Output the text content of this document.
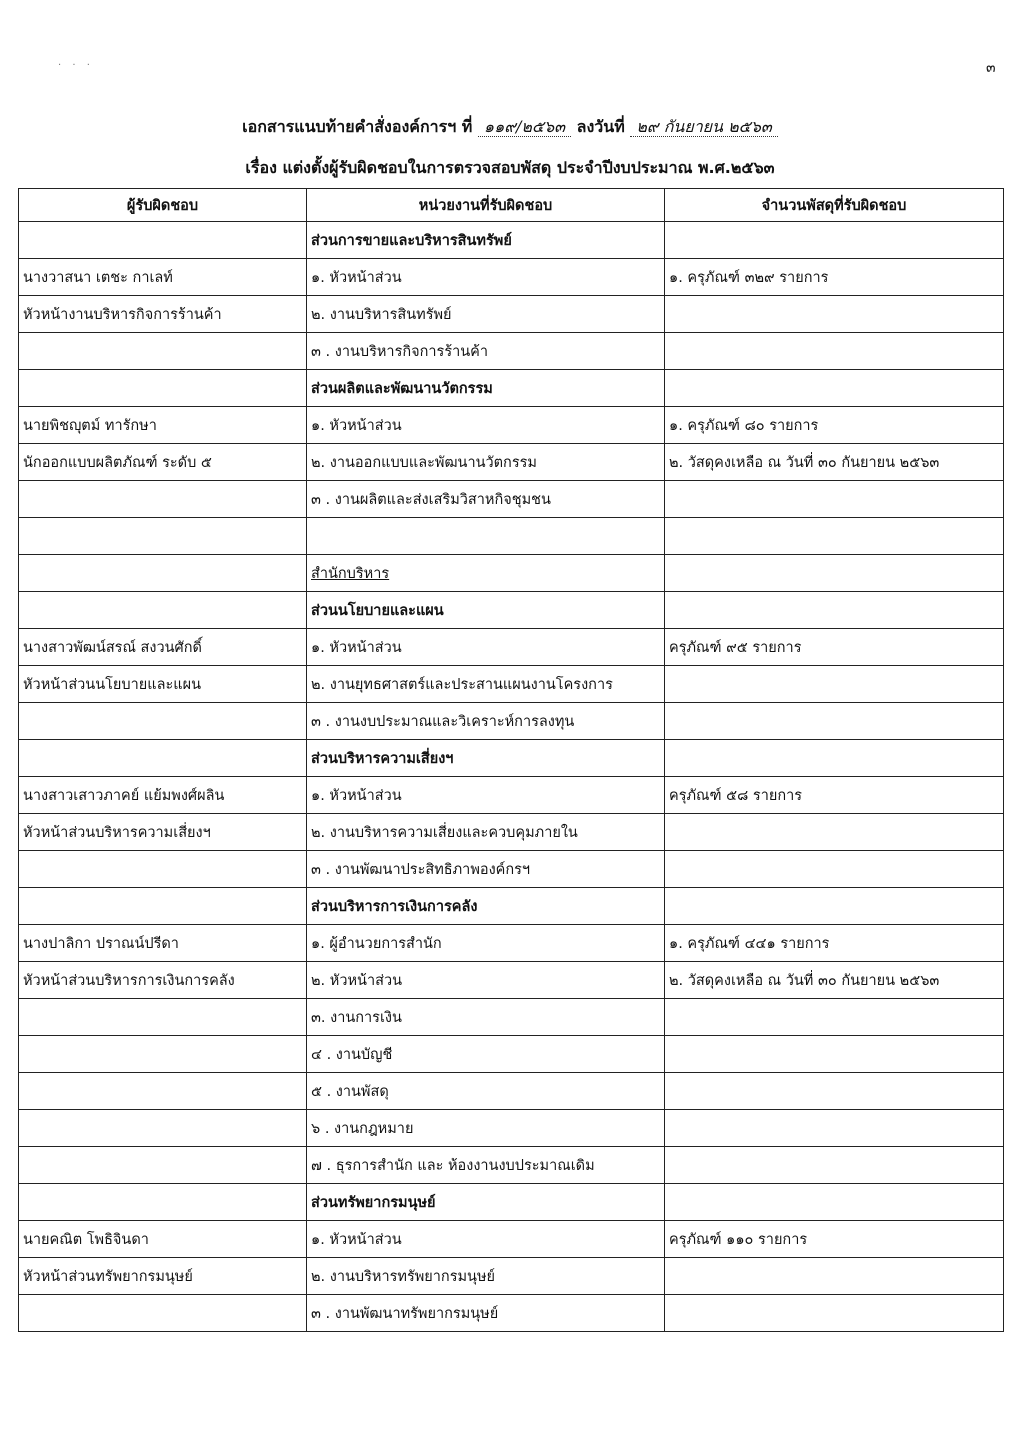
๓
· · ·
เอกสารแนบท้ายคำสั่งองค์การฯ ที่ ๑๑๙/๒๕๖๓ ลงวันที่ ๒๙ กันยายน ๒๕๖๓
เรื่อง แต่งตั้งผู้รับผิดชอบในการตรวจสอบพัสดุ ประจำปีงบประมาณ พ.ศ.๒๕๖๓
ผู้รับผิดชอบ	หน่วยงานที่รับผิดชอบ	จำนวนพัสดุที่รับผิดชอบ
	ส่วนการขายและบริหารสินทรัพย์	
นางวาสนา เตชะ กาเลท์	๑. หัวหน้าส่วน	๑. ครุภัณฑ์ ๓๒๙ รายการ
หัวหน้างานบริหารกิจการร้านค้า	๒. งานบริหารสินทรัพย์	
	๓ . งานบริหารกิจการร้านค้า	
	ส่วนผลิตและพัฒนานวัตกรรม	
นายพิชญุตม์ ทารักษา	๑. หัวหน้าส่วน	๑. ครุภัณฑ์ ๘๐ รายการ
นักออกแบบผลิตภัณฑ์ ระดับ ๕	๒. งานออกแบบและพัฒนานวัตกรรม	๒. วัสดุคงเหลือ ณ วันที่ ๓๐ กันยายน ๒๕๖๓
	๓ . งานผลิตและส่งเสริมวิสาหกิจชุมชน	

	สำนักบริหาร	
	ส่วนนโยบายและแผน	
นางสาวพัฒน์สรณ์ สงวนศักดิ์	๑. หัวหน้าส่วน	ครุภัณฑ์ ๙๕ รายการ
หัวหน้าส่วนนโยบายและแผน	๒. งานยุทธศาสตร์และประสานแผนงานโครงการ	
	๓ . งานงบประมาณและวิเคราะห์การลงทุน	
	ส่วนบริหารความเสี่ยงฯ	
นางสาวเสาวภาคย์ แย้มพงศ์ผลิน	๑. หัวหน้าส่วน	ครุภัณฑ์ ๕๘ รายการ
หัวหน้าส่วนบริหารความเสี่ยงฯ	๒. งานบริหารความเสี่ยงและควบคุมภายใน	
	๓ . งานพัฒนาประสิทธิภาพองค์กรฯ	
	ส่วนบริหารการเงินการคลัง	
นางปาลิกา ปราณน์ปรีดา	๑. ผู้อำนวยการสำนัก	๑. ครุภัณฑ์ ๔๔๑ รายการ
หัวหน้าส่วนบริหารการเงินการคลัง	๒. หัวหน้าส่วน	๒. วัสดุคงเหลือ ณ วันที่ ๓๐ กันยายน ๒๕๖๓
	๓. งานการเงิน	
	๔ . งานบัญชี	
	๕ . งานพัสดุ	
	๖ . งานกฎหมาย	
	๗ . ธุรการสำนัก และ ห้องงานงบประมาณเดิม	
	ส่วนทรัพยากรมนุษย์	
นายคณิต โพธิจินดา	๑. หัวหน้าส่วน	ครุภัณฑ์ ๑๑๐ รายการ
หัวหน้าส่วนทรัพยากรมนุษย์	๒. งานบริหารทรัพยากรมนุษย์	
	๓ . งานพัฒนาทรัพยากรมนุษย์	
